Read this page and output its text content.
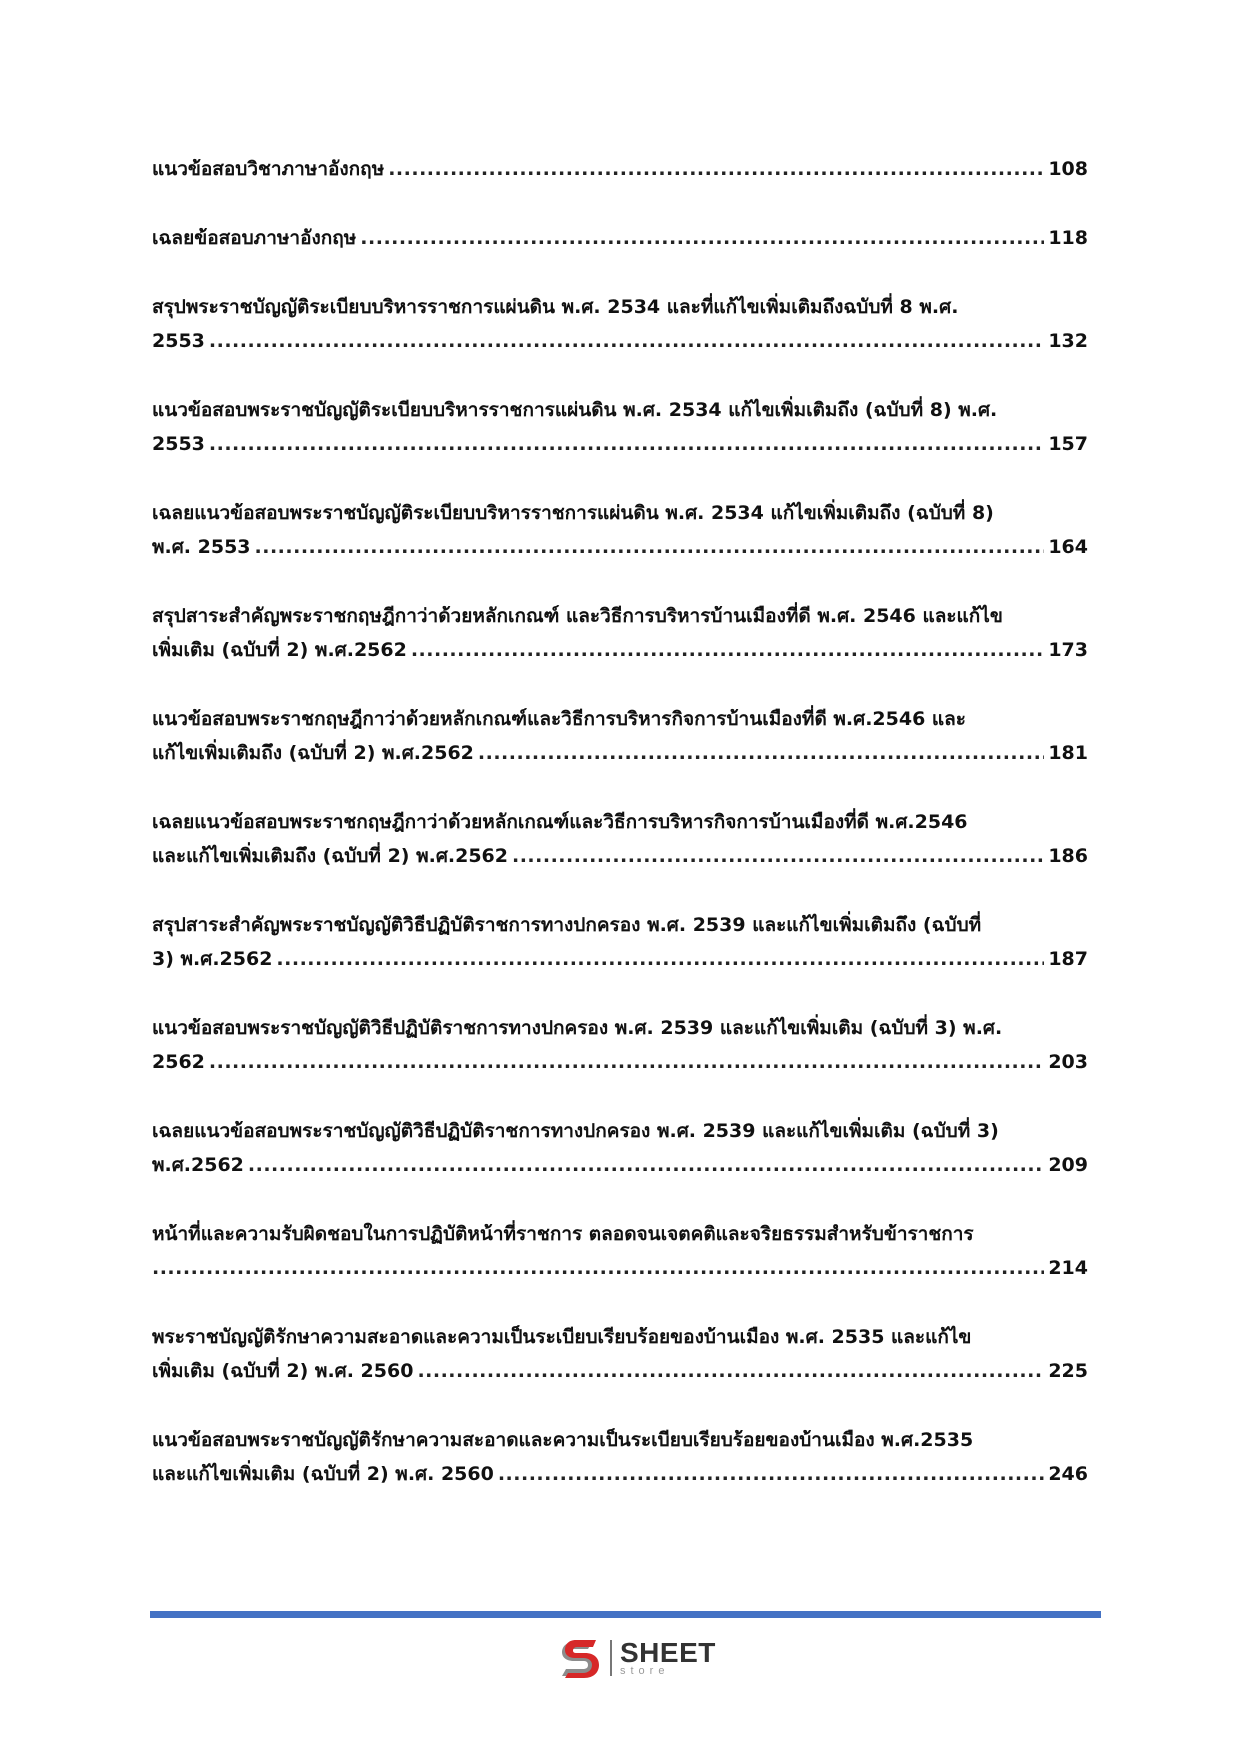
แนวข้อสอบวิชาภาษาอังกฤษ .....	108
เฉลยข้อสอบภาษาอังกฤษ .....	118
สรุปพระราชบัญญัติระเบียบบริหารราชการแผ่นดิน พ.ศ. 2534 และที่แก้ไขเพิ่มเติมถึงฉบับที่ 8 พ.ศ.
2553 .....	132
แนวข้อสอบพระราชบัญญัติระเบียบบริหารราชการแผ่นดิน พ.ศ. 2534 แก้ไขเพิ่มเติมถึง (ฉบับที่ 8) พ.ศ.
2553 .....	157
เฉลยแนวข้อสอบพระราชบัญญัติระเบียบบริหารราชการแผ่นดิน พ.ศ. 2534 แก้ไขเพิ่มเติมถึง (ฉบับที่ 8)
พ.ศ. 2553 .....	164
สรุปสาระสำคัญพระราชกฤษฎีกาว่าด้วยหลักเกณฑ์ และวิธีการบริหารบ้านเมืองที่ดี พ.ศ. 2546 และแก้ไข
เพิ่มเติม (ฉบับที่ 2) พ.ศ.2562 .....	173
แนวข้อสอบพระราชกฤษฎีกาว่าด้วยหลักเกณฑ์และวิธีการบริหารกิจการบ้านเมืองที่ดี พ.ศ.2546 และ
แก้ไขเพิ่มเติมถึง (ฉบับที่ 2) พ.ศ.2562 .....	181
เฉลยแนวข้อสอบพระราชกฤษฎีกาว่าด้วยหลักเกณฑ์และวิธีการบริหารกิจการบ้านเมืองที่ดี พ.ศ.2546
และแก้ไขเพิ่มเติมถึง (ฉบับที่ 2) พ.ศ.2562 .....	186
สรุปสาระสำคัญพระราชบัญญัติวิธีปฏิบัติราชการทางปกครอง พ.ศ. 2539 และแก้ไขเพิ่มเติมถึง (ฉบับที่
3) พ.ศ.2562 .....	187
แนวข้อสอบพระราชบัญญัติวิธีปฏิบัติราชการทางปกครอง พ.ศ. 2539 และแก้ไขเพิ่มเติม (ฉบับที่ 3) พ.ศ.
2562 .....	203
เฉลยแนวข้อสอบพระราชบัญญัติวิธีปฏิบัติราชการทางปกครอง พ.ศ. 2539 และแก้ไขเพิ่มเติม (ฉบับที่ 3)
พ.ศ.2562 .....	209
หน้าที่และความรับผิดชอบในการปฏิบัติหน้าที่ราชการ ตลอดจนเจตคติและจริยธรรมสำหรับข้าราชการ
.....
214
พระราชบัญญัติรักษาความสะอาดและความเป็นระเบียบเรียบร้อยของบ้านเมือง พ.ศ. 2535 และแก้ไข
เพิ่มเติม (ฉบับที่ 2) พ.ศ. 2560 .....	225
แนวข้อสอบพระราชบัญญัติรักษาความสะอาดและความเป็นระเบียบเรียบร้อยของบ้านเมือง พ.ศ.2535
และแก้ไขเพิ่มเติม (ฉบับที่ 2) พ.ศ. 2560 .....	246
SHEET
store
